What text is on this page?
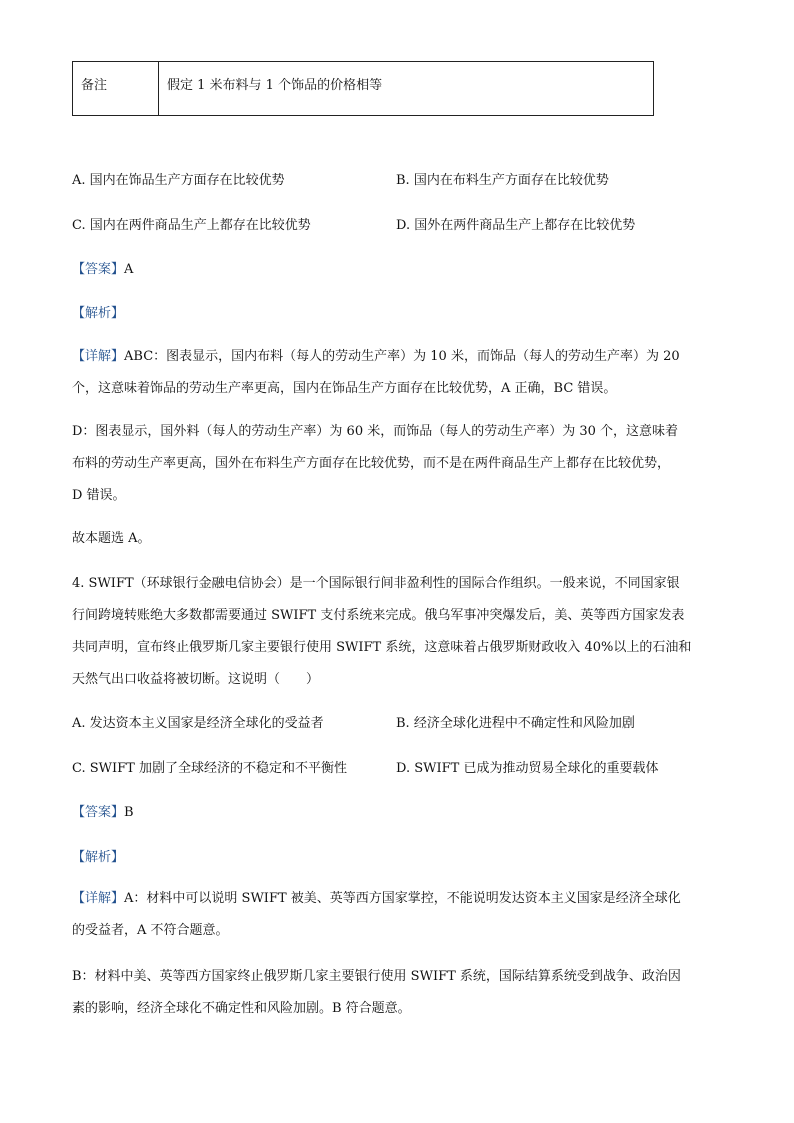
备注	假定 1 米布料与 1 个饰品的价格相等
A. 国内在饰品生产方面存在比较优势	B. 国内在布料生产方面存在比较优势
C. 国内在两件商品生产上都存在比较优势	D. 国外在两件商品生产上都存在比较优势
【答案】A
【解析】
【详解】ABC：图表显示，国内布料（每人的劳动生产率）为 10 米，而饰品（每人的劳动生产率）为 20
个，这意味着饰品的劳动生产率更高，国内在饰品生产方面存在比较优势，A 正确，BC 错误。
D：图表显示，国外料（每人的劳动生产率）为 60 米，而饰品（每人的劳动生产率）为 30 个，这意味着
布料的劳动生产率更高，国外在布料生产方面存在比较优势，而不是在两件商品生产上都存在比较优势，
D 错误。
故本题选 A。
4. SWIFT（环球银行金融电信协会）是一个国际银行间非盈利性的国际合作组织。一般来说，不同国家银
行间跨境转账绝大多数都需要通过 SWIFT 支付系统来完成。俄乌军事冲突爆发后，美、英等西方国家发表
共同声明，宣布终止俄罗斯几家主要银行使用 SWIFT 系统，这意味着占俄罗斯财政收入 40%以上的石油和
天然气出口收益将被切断。这说明（　　）
A. 发达资本主义国家是经济全球化的受益者	B. 经济全球化进程中不确定性和风险加剧
C. SWIFT 加剧了全球经济的不稳定和不平衡性	D. SWIFT 已成为推动贸易全球化的重要载体
【答案】B
【解析】
【详解】A：材料中可以说明 SWIFT 被美、英等西方国家掌控，不能说明发达资本主义国家是经济全球化
的受益者，A 不符合题意。
B：材料中美、英等西方国家终止俄罗斯几家主要银行使用 SWIFT 系统，国际结算系统受到战争、政治因
素的影响，经济全球化不确定性和风险加剧。B 符合题意。
